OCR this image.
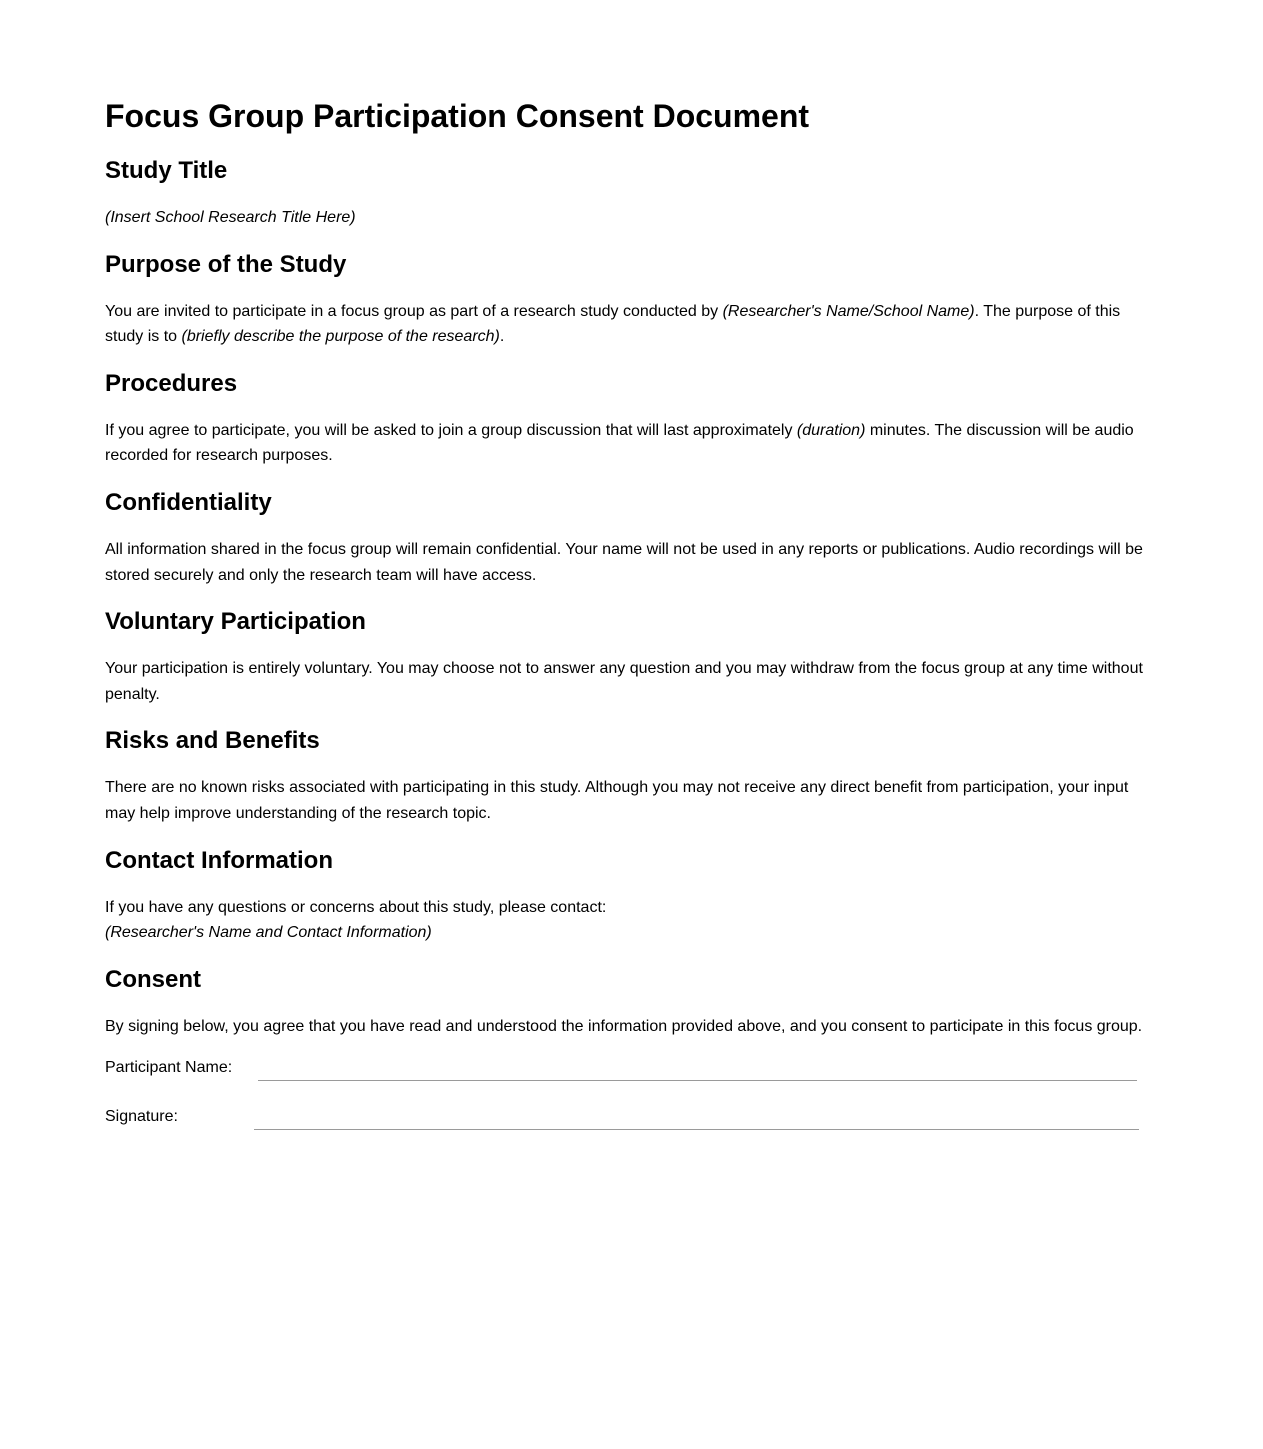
Focus Group Participation Consent Document
Study Title

(Insert School Research Title Here)

Purpose of the Study

You are invited to participate in a focus group as part of a research study conducted by (Researcher's Name/School Name). The purpose of this study is to (briefly describe the purpose of the research).

Procedures

If you agree to participate, you will be asked to join a group discussion that will last approximately (duration) minutes. The discussion will be audio recorded for research purposes.

Confidentiality

All information shared in the focus group will remain confidential. Your name will not be used in any reports or publications. Audio recordings will be stored securely and only the research team will have access.

Voluntary Participation

Your participation is entirely voluntary. You may choose not to answer any question and you may withdraw from the focus group at any time without penalty.

Risks and Benefits

There are no known risks associated with participating in this study. Although you may not receive any direct benefit from participation, your input may help improve understanding of the research topic.

Contact Information

If you have any questions or concerns about this study, please contact:
(Researcher's Name and Contact Information)

Consent

By signing below, you agree that you have read and understood the information provided above, and you consent to participate in this focus group.

Participant Name:
Signature:
